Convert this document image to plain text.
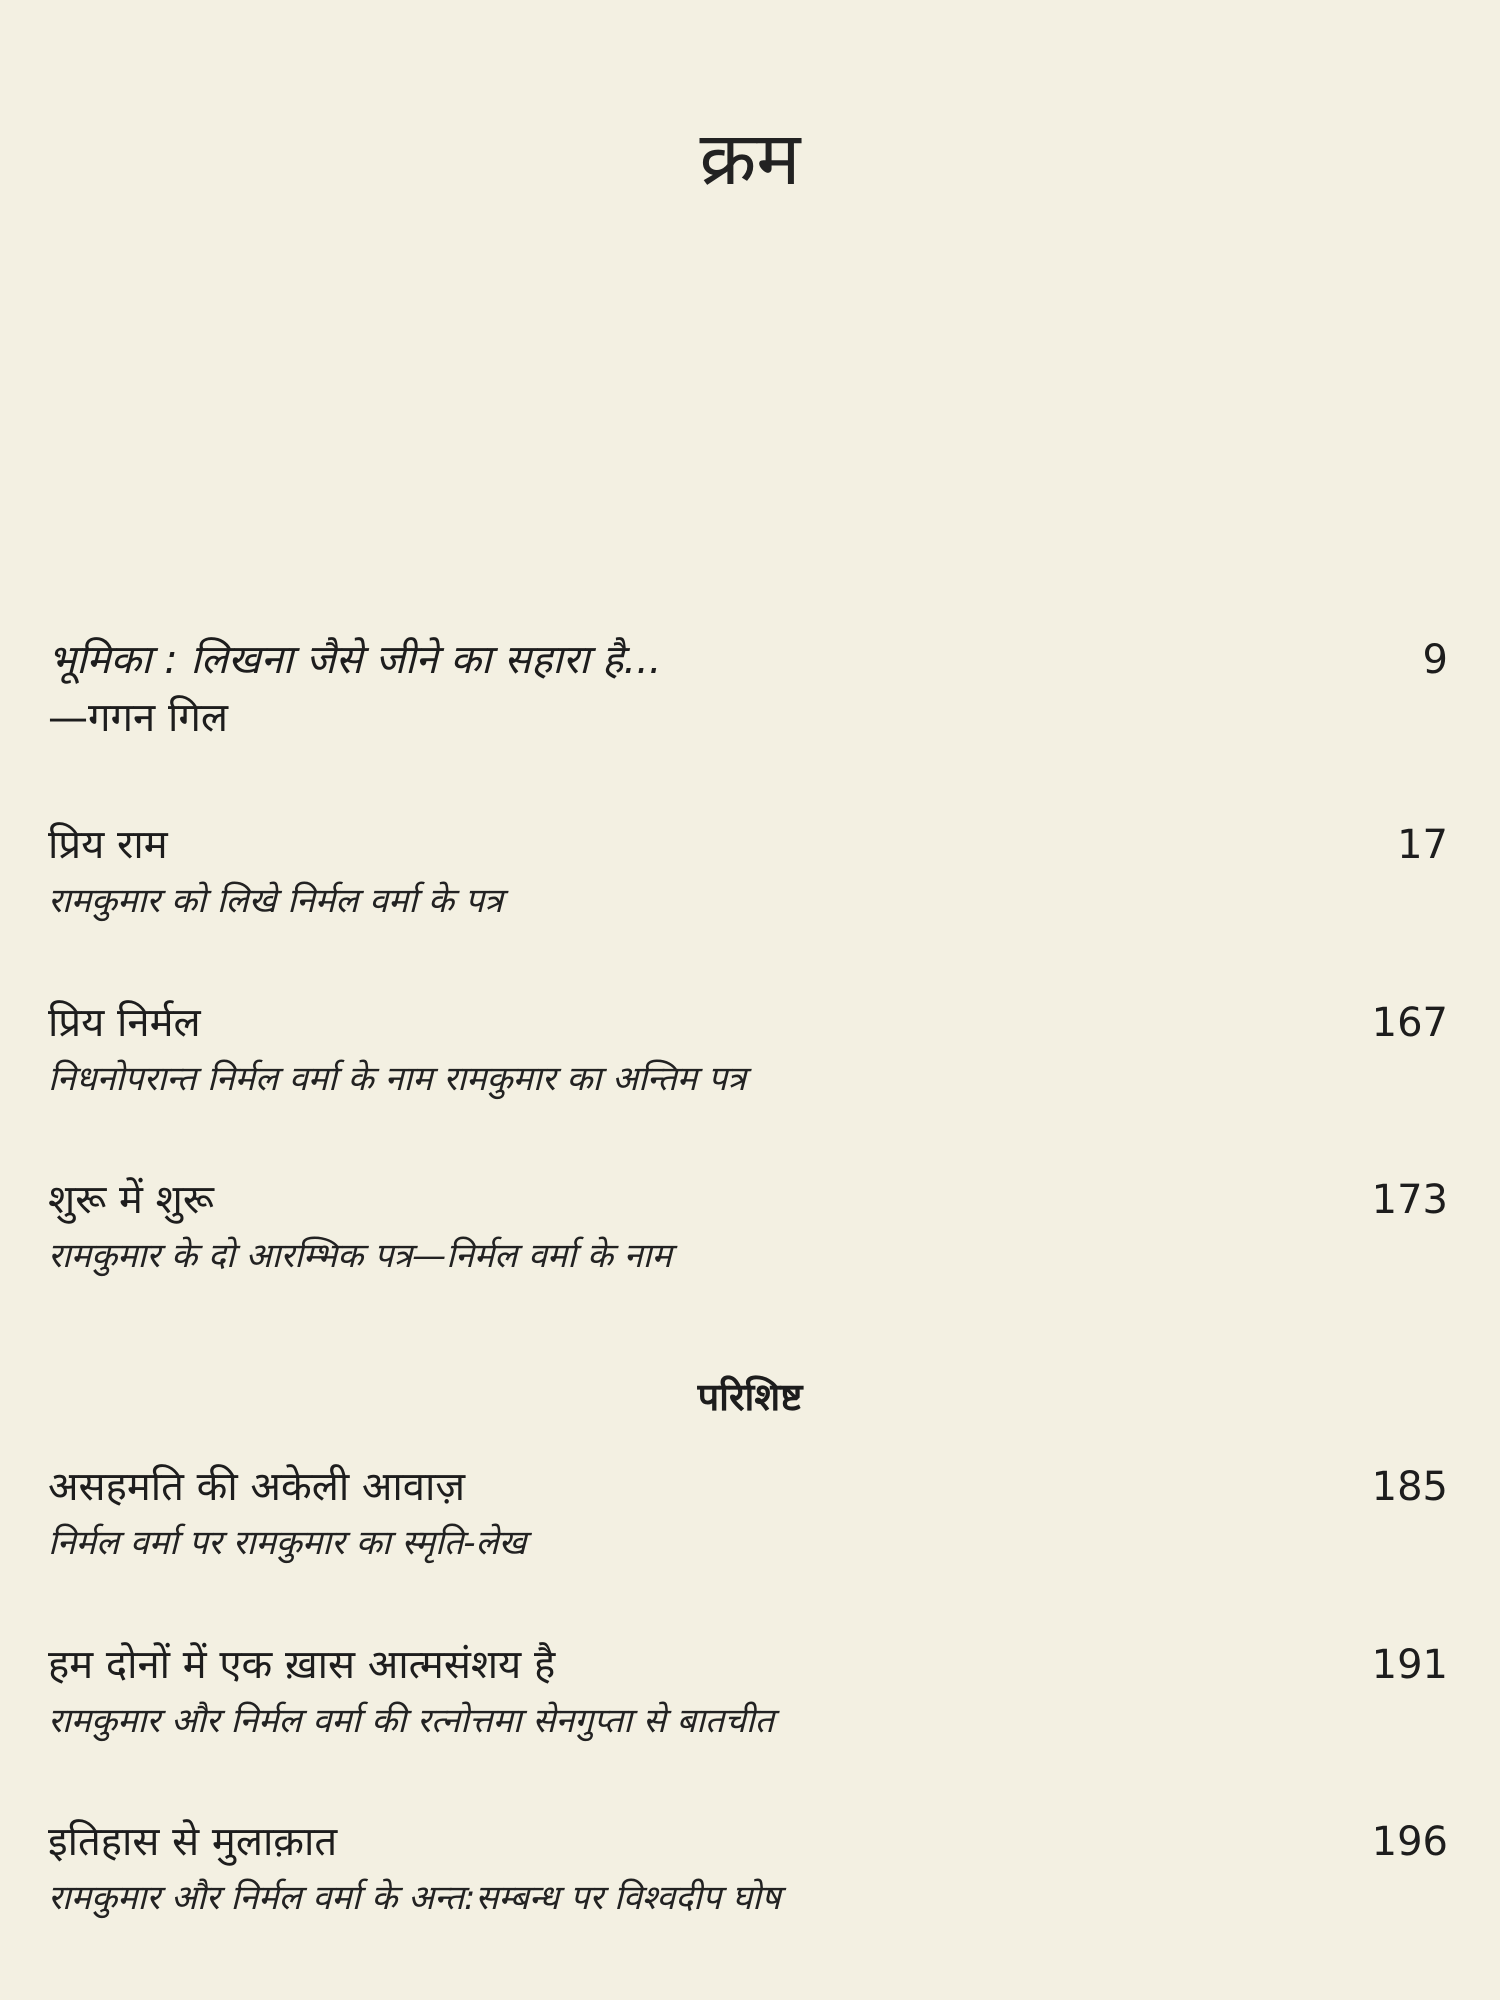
क्रम
भूमिका : लिखना जैसे जीने का सहारा है...
—गगन गिल
9
प्रिय राम
रामकुमार को लिखे निर्मल वर्मा के पत्र
17
प्रिय निर्मल
निधनोपरान्त निर्मल वर्मा के नाम रामकुमार का अन्तिम पत्र
167
शुरू में शुरू
रामकुमार के दो आरम्भिक पत्र—निर्मल वर्मा के नाम
173
परिशिष्ट
असहमति की अकेली आवाज़
निर्मल वर्मा पर रामकुमार का स्मृति-लेख
185
हम दोनों में एक ख़ास आत्मसंशय है
रामकुमार और निर्मल वर्मा की रत्नोत्तमा सेनगुप्ता से बातचीत
191
इतिहास से मुलाक़ात
रामकुमार और निर्मल वर्मा के अन्त:सम्बन्ध पर विश्वदीप घोष
196
